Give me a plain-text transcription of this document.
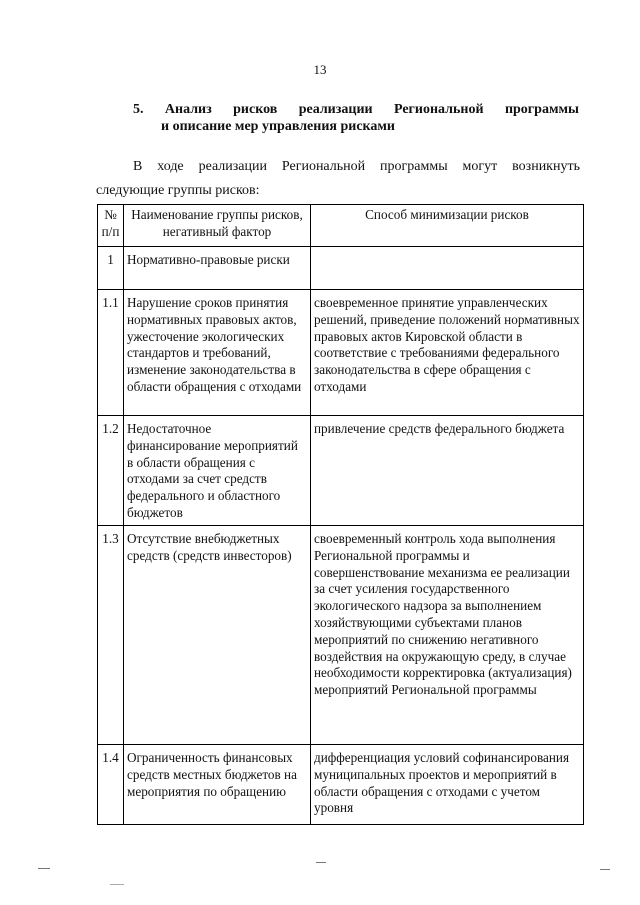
13
5. Анализ рисков реализации Региональной программы
и описание мер управления рисками
В ходе реализации Региональной программы могут возникнуть
следующие группы рисков:
№ п/п	Наименование группы рисков, негативный фактор	Способ минимизации рисков
1	Нормативно-правовые риски	
1.1	Нарушение сроков принятия нормативных правовых актов, ужесточение экологических стандартов и требований, изменение законодательства в области обращения с отходами	своевременное принятие управленческих решений, приведение положений нормативных правовых актов Кировской области в соответствие с требованиями федерального законодательства в сфере обращения с отходами
1.2	Недостаточное финансирование мероприятий в области обращения с отходами за счет средств федерального и областного бюджетов	привлечение средств федерального бюджета
1.3	Отсутствие внебюджетных средств (средств инвесторов)	своевременный контроль хода выполнения Региональной программы и совершенствование механизма ее реализации за счет усиления государственного экологического надзора за выполнением хозяйствующими субъектами планов мероприятий по снижению негативного воздействия на окружающую среду, в случае необходимости корректировка (актуализация) мероприятий Региональной программы
1.4	Ограниченность финансовых средств местных бюджетов на мероприятия по обращению	дифференциация условий софинансирования муниципальных проектов и мероприятий в области обращения с отходами с учетом уровня
